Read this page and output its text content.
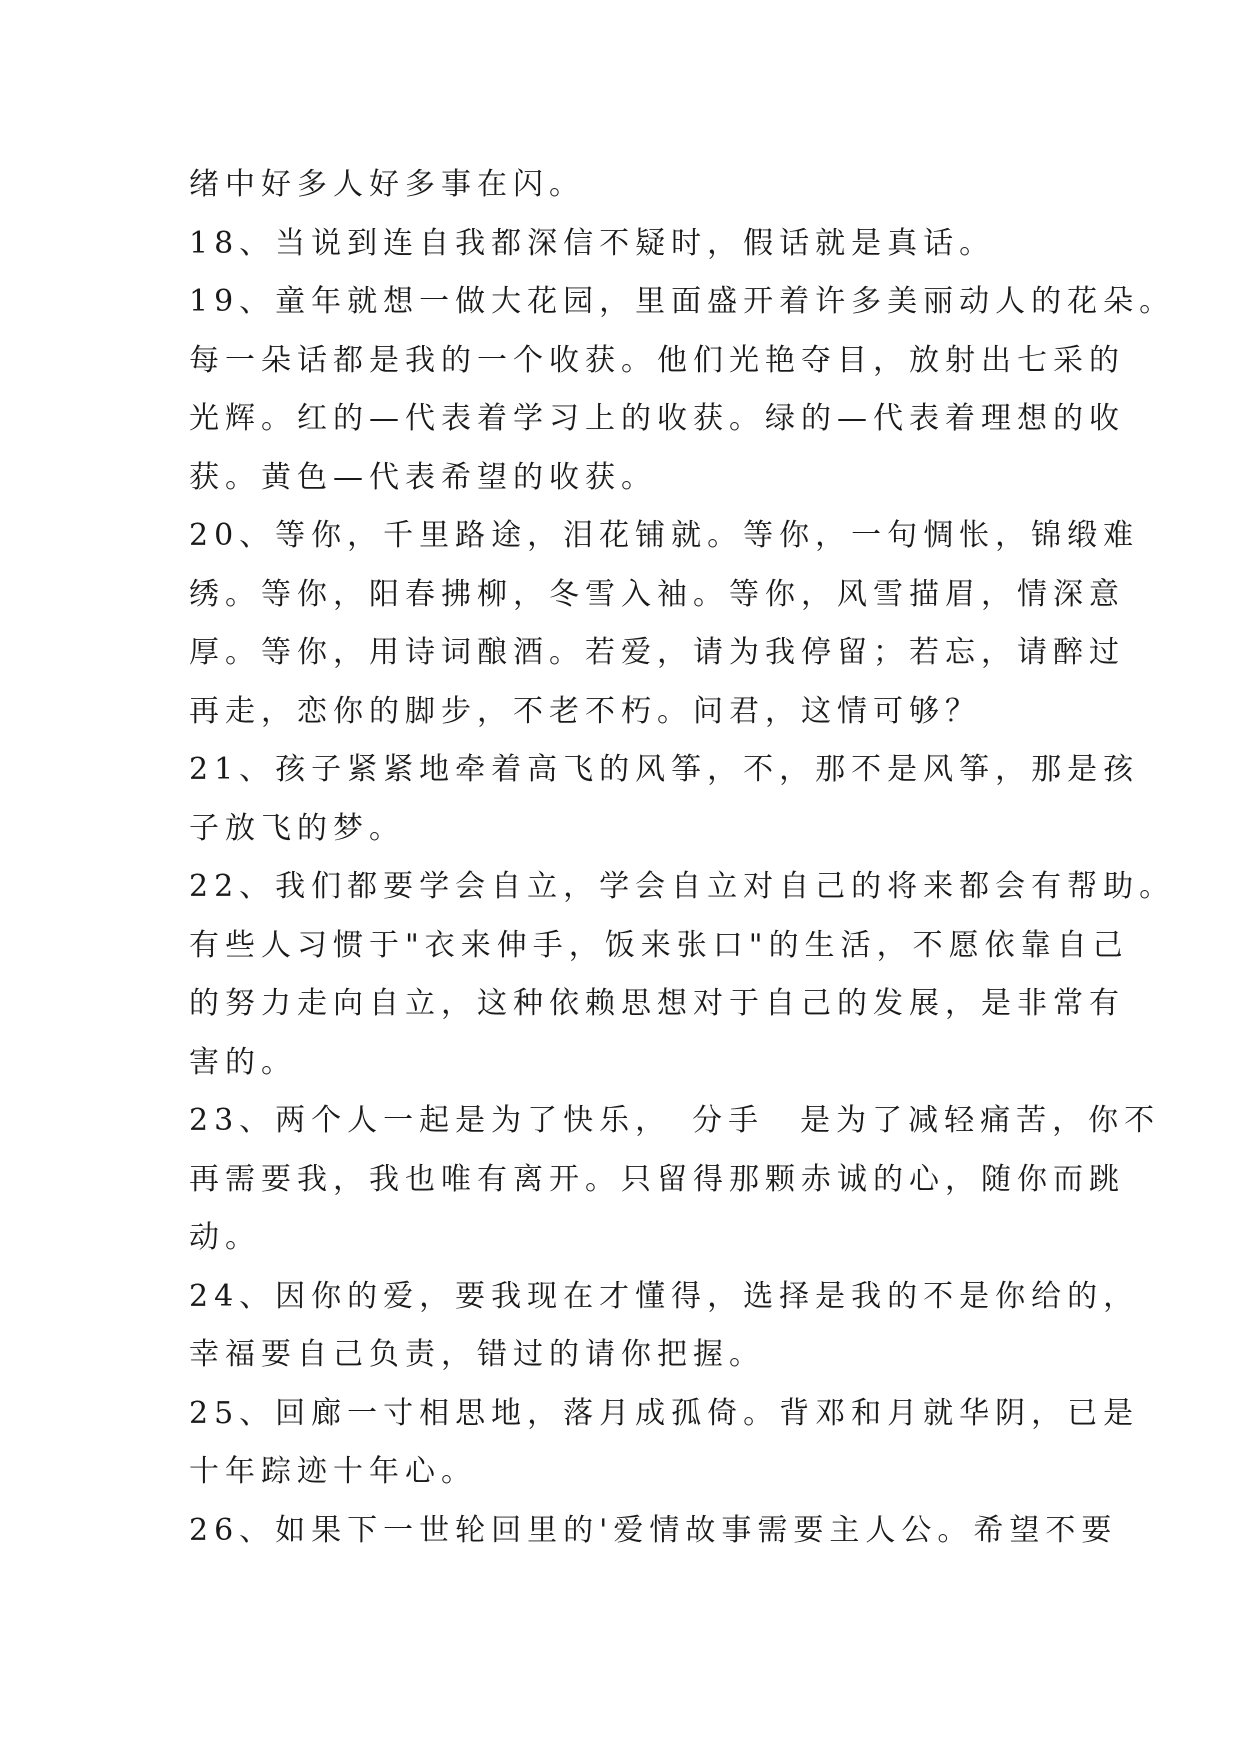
绪中好多人好多事在闪。
18、当说到连自我都深信不疑时，假话就是真话。
19、童年就想一做大花园，里面盛开着许多美丽动人的花朵。
每一朵话都是我的一个收获。他们光艳夺目，放射出七采的
光辉。红的—代表着学习上的收获。绿的—代表着理想的收
获。黄色—代表希望的收获。
20、等你，千里路途，泪花铺就。等你，一句惆怅，锦缎难
绣。等你，阳春拂柳，冬雪入袖。等你，风雪描眉，情深意
厚。等你，用诗词酿酒。若爱，请为我停留；若忘，请醉过
再走，恋你的脚步，不老不朽。问君，这情可够？
21、孩子紧紧地牵着高飞的风筝，不，那不是风筝，那是孩
子放飞的梦。
22、我们都要学会自立，学会自立对自己的将来都会有帮助。
有些人习惯于"衣来伸手，饭来张口"的生活，不愿依靠自己
的努力走向自立，这种依赖思想对于自己的发展，是非常有
害的。
23、两个人一起是为了快乐，　分手　是为了减轻痛苦，你不
再需要我，我也唯有离开。只留得那颗赤诚的心，随你而跳
动。
24、因你的爱，要我现在才懂得，选择是我的不是你给的，
幸福要自己负责，错过的请你把握。
25、回廊一寸相思地，落月成孤倚。背邓和月就华阴，已是
十年踪迹十年心。
26、如果下一世轮回里的'爱情故事需要主人公。希望不要
